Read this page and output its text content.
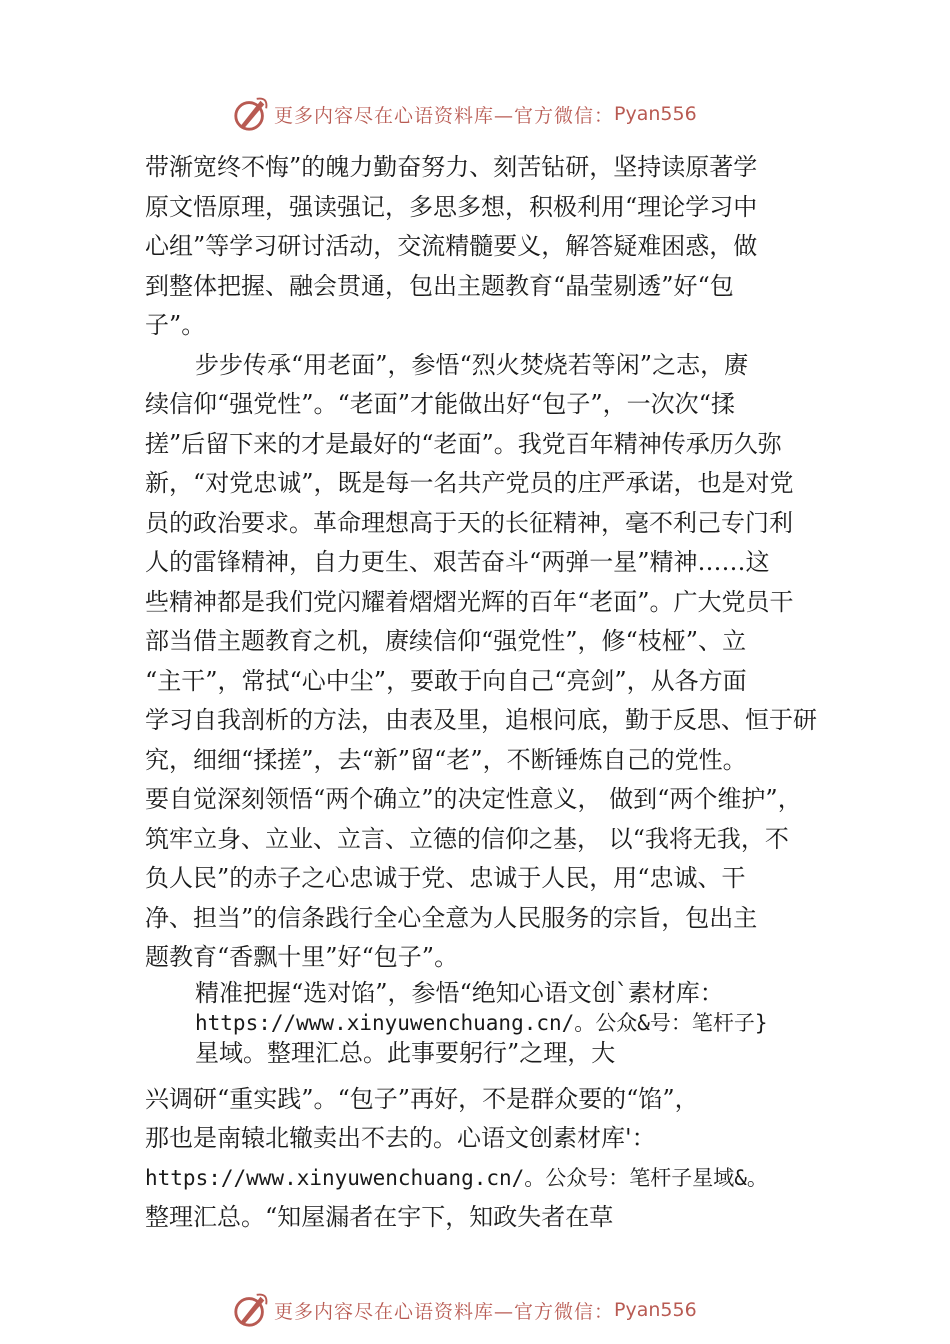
更多内容尽在心语资料库—官方微信： Pyan556
带渐宽终不悔”的魄力勤奋努力、刻苦钻研，坚持读原著学
原文悟原理，强读强记，多思多想，积极利用“理论学习中
心组”等学习研讨活动，交流精髓要义，解答疑难困惑，做
到整体把握、融会贯通，包出主题教育“晶莹剔透”好“包
子”。
步步传承“用老面”，参悟“烈火焚烧若等闲”之志，赓
续信仰“强党性”。“老面”才能做出好“包子”，一次次“揉
搓”后留下来的才是最好的“老面”。我党百年精神传承历久弥
新，“对党忠诚”，既是每一名共产党员的庄严承诺，也是对党
员的政治要求。革命理想高于天的长征精神，毫不利己专门利
人的雷锋精神，自力更生、艰苦奋斗“两弹一星”精神……这
些精神都是我们党闪耀着熠熠光辉的百年“老面”。广大党员干
部当借主题教育之机，赓续信仰“强党性”，修“枝桠”、立
“主干”，常拭“心中尘”，要敢于向自己“亮剑”，从各方面
学习自我剖析的方法，由表及里，追根问底，勤于反思、恒于研
究，细细“揉搓”，去“新”留“老”，不断锤炼自己的党性。
要自觉深刻领悟“两个确立”的决定性意义， 做到“两个维护”，
筑牢立身、立业、立言、立德的信仰之基， 以“我将无我，不
负人民”的赤子之心忠诚于党、忠诚于人民，用“忠诚、干
净、担当”的信条践行全心全意为人民服务的宗旨，包出主
题教育“香飘十里”好“包子”。
精准把握“选对馅”，参悟“绝知心语文创`素材库：
https://www.xinyuwenchuang.cn/。公众&号：笔杆子}
星域。整理汇总。此事要躬行”之理，大
兴调研“重实践”。“包子”再好，不是群众要的“馅”，
那也是南辕北辙卖出不去的。心语文创素材库'：
https://www.xinyuwenchuang.cn/。公众号：笔杆子星域&。
整理汇总。“知屋漏者在宇下，知政失者在草
更多内容尽在心语资料库—官方微信： Pyan556
